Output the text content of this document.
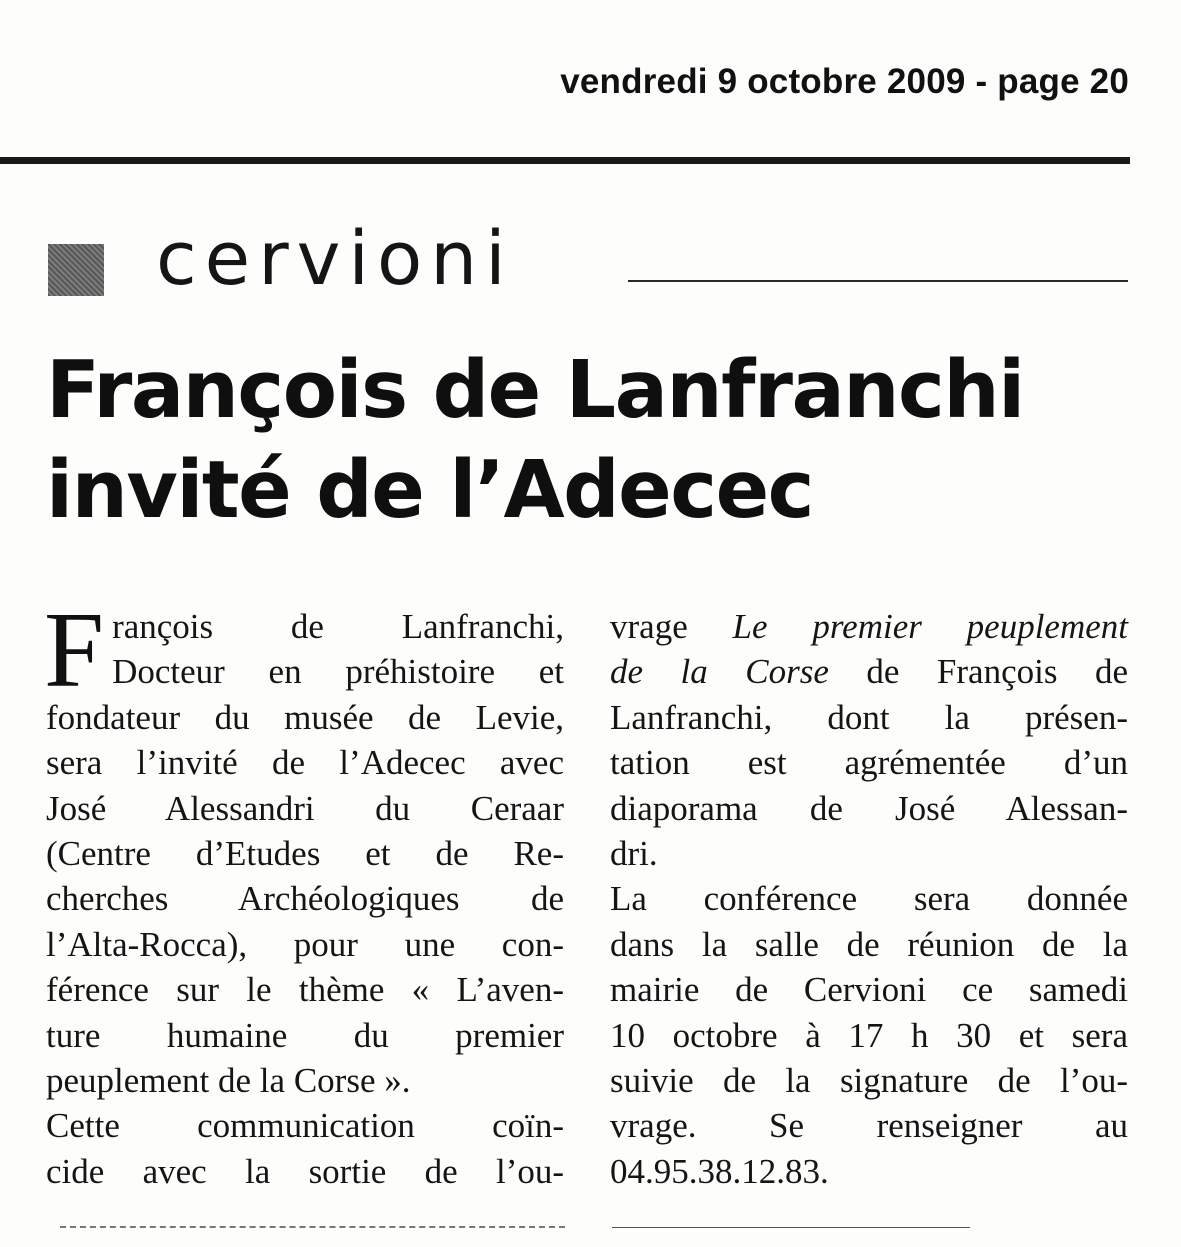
vendredi 9 octobre 2009 - page 20
cervioni
François de Lanfranchi
invité de l’Adecec
F rançois de Lanfranchi,
Docteur en préhistoire et
fondateur du musée de Levie,
sera l’invité de l’Adecec avec
José Alessandri du Ceraar
(Centre d’Etudes et de Re-
cherches Archéologiques de
l’Alta-Rocca), pour une con-
férence sur le thème « L’aven-
ture humaine du premier
peuplement de la Corse ».
Cette communication coïn-
cide avec la sortie de l’ou-
vrage Le premier peuplement
de la Corse de François de
Lanfranchi, dont la présen-
tation est agrémentée d’un
diaporama de José Alessan-
dri.
La conférence sera donnée
dans la salle de réunion de la
mairie de Cervioni ce samedi
10 octobre à 17 h 30 et sera
suivie de la signature de l’ou-
vrage. Se renseigner au
04.95.38.12.83.
